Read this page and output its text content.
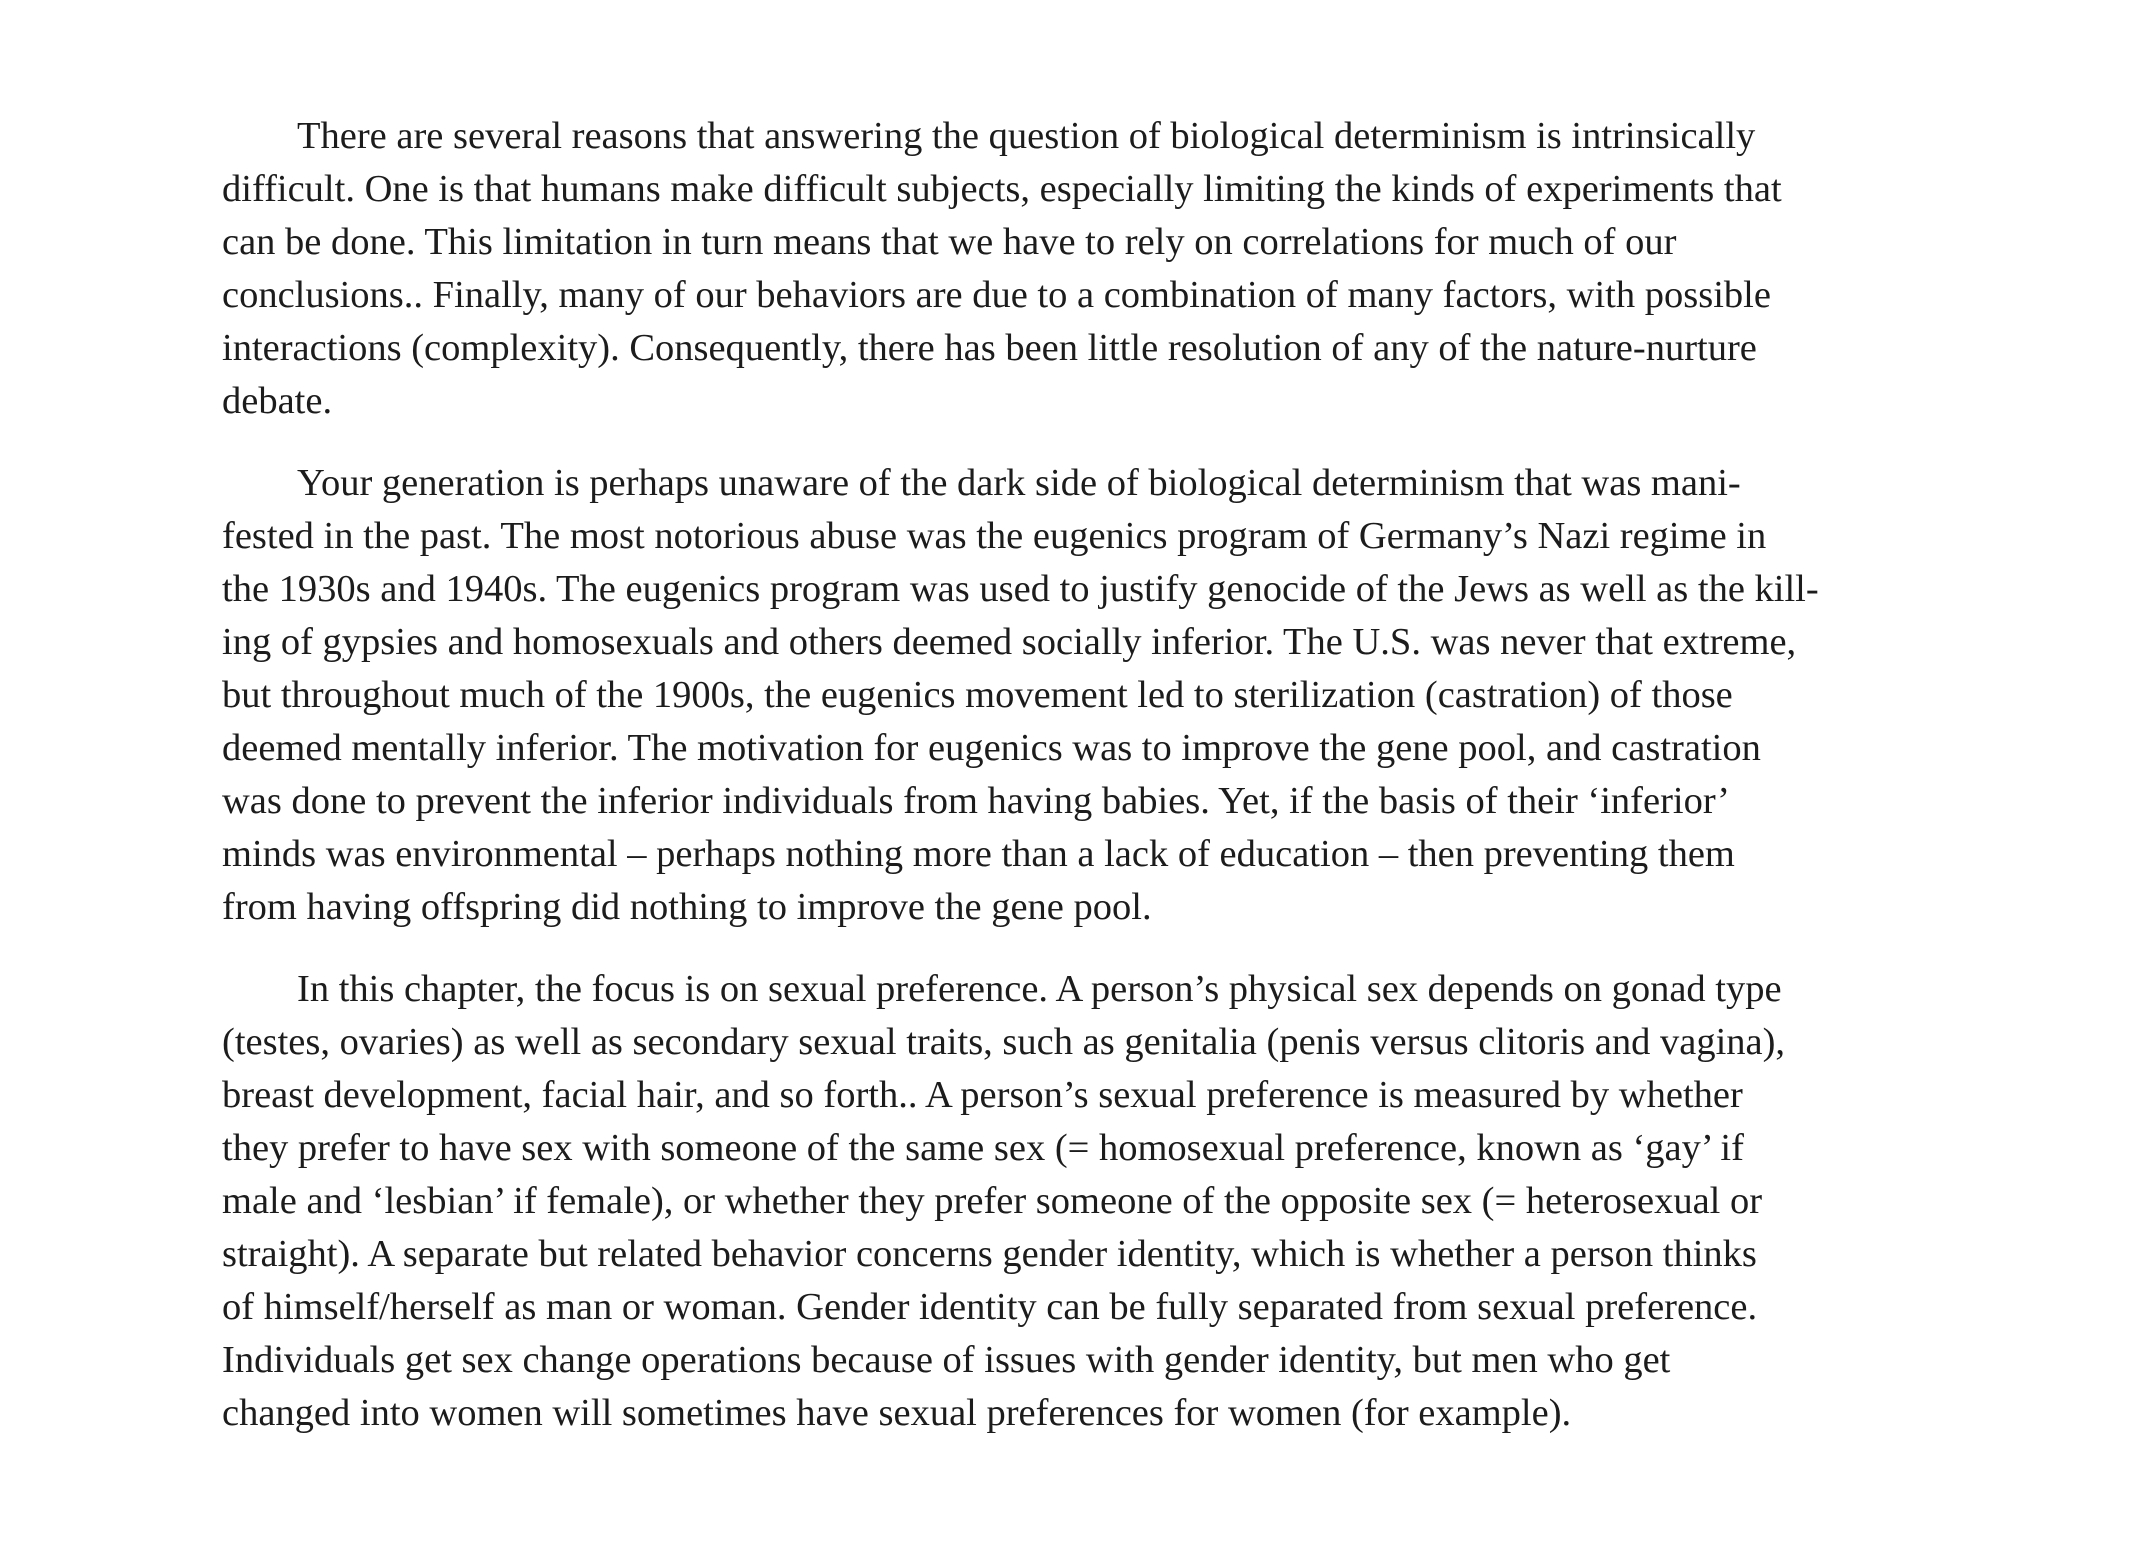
There are several reasons that answering the question of biological determinism is intrinsically
difficult. One is that humans make difficult subjects, especially limiting the kinds of experiments that
can be done. This limitation in turn means that we have to rely on correlations for much of our
conclusions.. Finally, many of our behaviors are due to a combination of many factors, with possible
interactions (complexity). Consequently, there has been little resolution of any of the nature-nurture
debate.

Your generation is perhaps unaware of the dark side of biological determinism that was mani-
fested in the past. The most notorious abuse was the eugenics program of Germany’s Nazi regime in
the 1930s and 1940s. The eugenics program was used to justify genocide of the Jews as well as the kill-
ing of gypsies and homosexuals and others deemed socially inferior. The U.S. was never that extreme,
but throughout much of the 1900s, the eugenics movement led to sterilization (castration) of those
deemed mentally inferior. The motivation for eugenics was to improve the gene pool, and castration
was done to prevent the inferior individuals from having babies. Yet, if the basis of their ‘inferior’
minds was environmental – perhaps nothing more than a lack of education – then preventing them
from having offspring did nothing to improve the gene pool.

In this chapter, the focus is on sexual preference. A person’s physical sex depends on gonad type
(testes, ovaries) as well as secondary sexual traits, such as genitalia (penis versus clitoris and vagina),
breast development, facial hair, and so forth.. A person’s sexual preference is measured by whether
they prefer to have sex with someone of the same sex (= homosexual preference, known as ‘gay’ if
male and ‘lesbian’ if female), or whether they prefer someone of the opposite sex (= heterosexual or
straight). A separate but related behavior concerns gender identity, which is whether a person thinks
of himself/herself as man or woman. Gender identity can be fully separated from sexual preference.
Individuals get sex change operations because of issues with gender identity, but men who get
changed into women will sometimes have sexual preferences for women (for example).
